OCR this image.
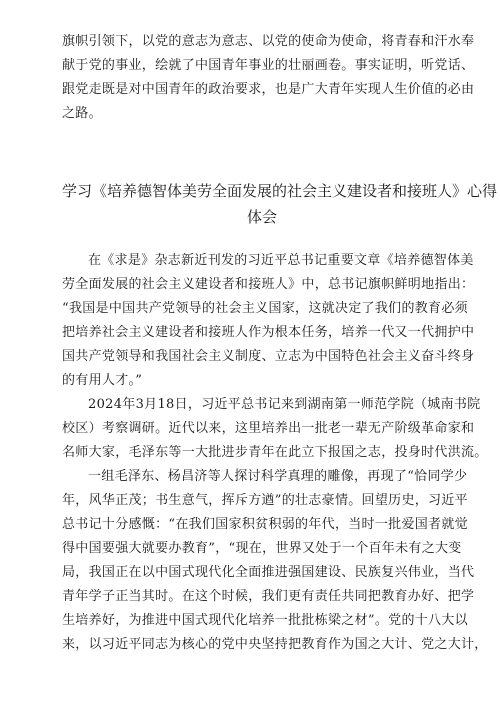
旗帜引领下，以党的意志为意志、以党的使命为使命，将青春和汗水奉
献于党的事业，绘就了中国青年事业的壮丽画卷。事实证明，听党话、
跟党走既是对中国青年的政治要求，也是广大青年实现人生价值的必由
之路。

学习《培养德智体美劳全面发展的社会主义建设者和接班人》心得
体会

在《求是》杂志新近刊发的习近平总书记重要文章《培养德智体美
劳全面发展的社会主义建设者和接班人》中，总书记旗帜鲜明地指出：
“我国是中国共产党领导的社会主义国家，这就决定了我们的教育必须
把培养社会主义建设者和接班人作为根本任务，培养一代又一代拥护中
国共产党领导和我国社会主义制度、立志为中国特色社会主义奋斗终身
的有用人才。”

2024年3月18日，习近平总书记来到湖南第一师范学院（城南书院
校区）考察调研。近代以来，这里培养出一批老一辈无产阶级革命家和
名师大家，毛泽东等一大批进步青年在此立下报国之志，投身时代洪流。

一组毛泽东、杨昌济等人探讨科学真理的雕像，再现了“恰同学少
年，风华正茂；书生意气，挥斥方遒”的壮志豪情。回望历史，习近平
总书记十分感慨：“在我们国家积贫积弱的年代，当时一批爱国者就觉
得中国要强大就要办教育”，“现在，世界又处于一个百年未有之大变
局，我国正在以中国式现代化全面推进强国建设、民族复兴伟业，当代
青年学子正当其时。在这个时候，我们更有责任共同把教育办好、把学
生培养好，为推进中国式现代化培养一批批栋梁之材”。党的十八大以
来，以习近平同志为核心的党中央坚持把教育作为国之大计、党之大计，
